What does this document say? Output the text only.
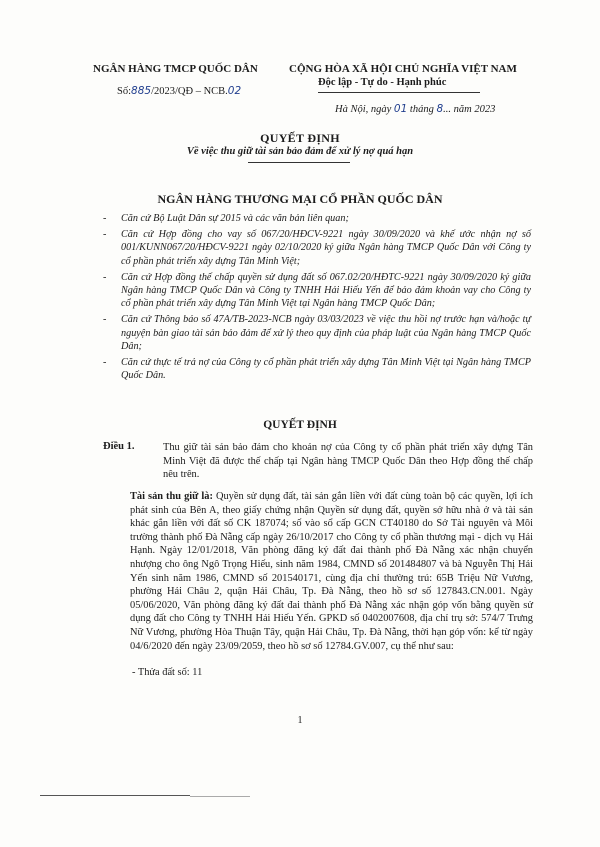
NGÂN HÀNG TMCP QUỐC DÂN
Số:885/2023/QĐ – NCB.02
CỘNG HÒA XÃ HỘI CHỦ NGHĨA VIỆT NAM
Độc lập - Tự do - Hạnh phúc
Hà Nội, ngày 01 tháng 8... năm 2023
QUYẾT ĐỊNH
Về việc thu giữ tài sản bảo đảm để xử lý nợ quá hạn
NGÂN HÀNG THƯƠNG MẠI CỔ PHẦN QUỐC DÂN
- Căn cứ Bộ Luật Dân sự 2015 và các văn bản liên quan;
- Căn cứ Hợp đồng cho vay số 067/20/HĐCV-9221 ngày 30/09/2020 và khế ước nhận nợ số 001/KUNN067/20/HĐCV-9221 ngày 02/10/2020 ký giữa Ngân hàng TMCP Quốc Dân với Công ty cổ phần phát triển xây dựng Tân Minh Việt;
- Căn cứ Hợp đồng thế chấp quyền sử dụng đất số 067.02/20/HĐTC-9221 ngày 30/09/2020 ký giữa Ngân hàng TMCP Quốc Dân và Công ty TNHH Hải Hiếu Yến để bảo đảm khoản vay cho Công ty cổ phần phát triển xây dựng Tân Minh Việt tại Ngân hàng TMCP Quốc Dân;
- Căn cứ Thông báo số 47A/TB-2023-NCB ngày 03/03/2023 về việc thu hồi nợ trước hạn và/hoặc tự nguyện bàn giao tài sản bảo đảm để xử lý theo quy định của pháp luật của Ngân hàng TMCP Quốc Dân;
- Căn cứ thực tế trả nợ của Công ty cổ phần phát triển xây dựng Tân Minh Việt tại Ngân hàng TMCP Quốc Dân.
QUYẾT ĐỊNH
Điều 1.	Thu giữ tài sản bảo đảm cho khoản nợ của Công ty cổ phần phát triển xây dựng Tân Minh Việt đã được thế chấp tại Ngân hàng TMCP Quốc Dân theo Hợp đồng thế chấp nêu trên.
Tài sản thu giữ là: Quyền sử dụng đất, tài sản gắn liền với đất cùng toàn bộ các quyền, lợi ích phát sinh của Bên A, theo giấy chứng nhận Quyền sử dụng đất, quyền sở hữu nhà ở và tài sản khác gắn liền với đất số CK 187074; số vào sổ cấp GCN CT40180 do Sở Tài nguyên và Môi trường thành phố Đà Nẵng cấp ngày 26/10/2017 cho Công ty cổ phần thương mại - dịch vụ Hải Hạnh. Ngày 12/01/2018, Văn phòng đăng ký đất đai thành phố Đà Nẵng xác nhận chuyển nhượng cho ông Ngô Trọng Hiếu, sinh năm 1984, CMND số 201484807 và bà Nguyễn Thị Hải Yến sinh năm 1986, CMND số 201540171, cùng địa chỉ thường trú: 65B Triệu Nữ Vương, phường Hải Châu 2, quận Hải Châu, Tp. Đà Nẵng, theo hồ sơ số 127843.CN.001. Ngày 05/06/2020, Văn phòng đăng ký đất đai thành phố Đà Nẵng xác nhận góp vốn bằng quyền sử dụng đất cho Công ty TNHH Hải Hiếu Yến. GPKD số 0402007608, địa chỉ trụ sở: 574/7 Trưng Nữ Vương, phường Hòa Thuận Tây, quận Hải Châu, Tp. Đà Nẵng, thời hạn góp vốn: kể từ ngày 04/6/2020 đến ngày 23/09/2059, theo hồ sơ số 12784.GV.007, cụ thể như sau:
- Thửa đất số: 11
1
